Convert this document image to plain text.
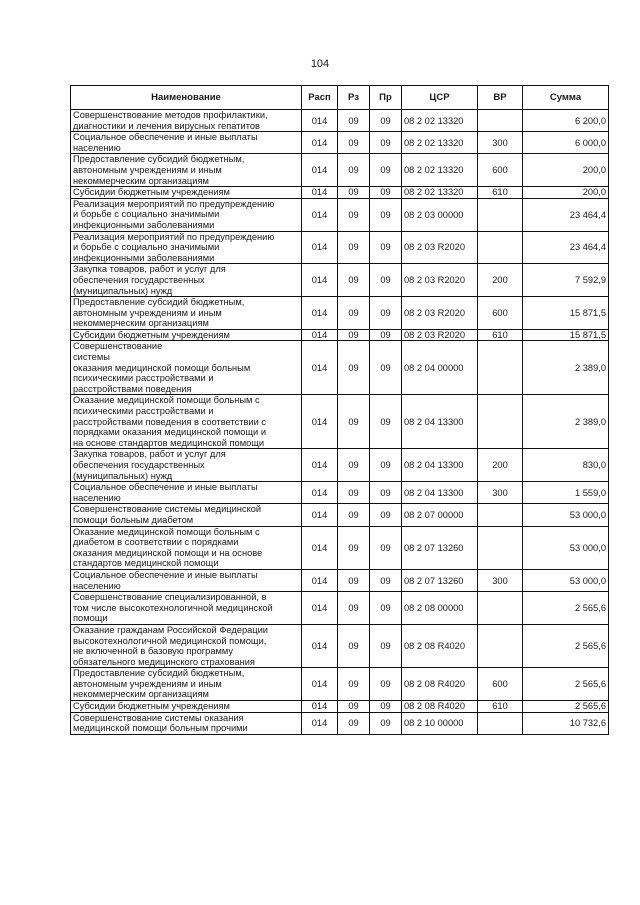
104
Наименование	Расп	Рз	Пр	ЦСР	ВР	Сумма
Совершенствование методов профилактики,
диагностики и лечения вирусных гепатитов	014	09	09	08 2 02 13320		6 200,0
Социальное обеспечение и иные выплаты
населению	014	09	09	08 2 02 13320	300	6 000,0
Предоставление субсидий бюджетным,
автономным учреждениям и иным
некоммерческим организациям	014	09	09	08 2 02 13320	600	200,0
Субсидии бюджетным учреждениям	014	09	09	08 2 02 13320	610	200,0
Реализация мероприятий по предупреждению
и борьбе с социально значимыми
инфекционными заболеваниями	014	09	09	08 2 03 00000		23 464,4
Реализация мероприятий по предупреждению
и борьбе с социально значимыми
инфекционными заболеваниями	014	09	09	08 2 03 R2020		23 464,4
Закупка товаров, работ и услуг для
обеспечения государственных
(муниципальных) нужд	014	09	09	08 2 03 R2020	200	7 592,9
Предоставление субсидий бюджетным,
автономным учреждениям и иным
некоммерческим организациям	014	09	09	08 2 03 R2020	600	15 871,5
Субсидии бюджетным учреждениям	014	09	09	08 2 03 R2020	610	15 871,5
Совершенствование
системы
оказания медицинской помощи больным
психическими расстройствами и
расстройствами поведения	014	09	09	08 2 04 00000		2 389,0
Оказание медицинской помощи больным с
психическими расстройствами и
расстройствами поведения в соответствии с
порядками оказания медицинской помощи и
на основе стандартов медицинской помощи	014	09	09	08 2 04 13300		2 389,0
Закупка товаров, работ и услуг для
обеспечения государственных
(муниципальных) нужд	014	09	09	08 2 04 13300	200	830,0
Социальное обеспечение и иные выплаты
населению	014	09	09	08 2 04 13300	300	1 559,0
Совершенствование системы медицинской
помощи больным диабетом	014	09	09	08 2 07 00000		53 000,0
Оказание медицинской помощи больным с
диабетом в соответствии с порядками
оказания медицинской помощи и на основе
стандартов медицинской помощи	014	09	09	08 2 07 13260		53 000,0
Социальное обеспечение и иные выплаты
населению	014	09	09	08 2 07 13260	300	53 000,0
Совершенствование специализированной, в
том числе высокотехнологичной медицинской
помощи	014	09	09	08 2 08 00000		2 565,6
Оказание гражданам Российской Федерации
высокотехнологичной медицинской помощи,
не включенной в базовую программу
обязательного медицинского страхования	014	09	09	08 2 08 R4020		2 565,6
Предоставление субсидий бюджетным,
автономным учреждениям и иным
некоммерческим организациям	014	09	09	08 2 08 R4020	600	2 565,6
Субсидии бюджетным учреждениям	014	09	09	08 2 08 R4020	610	2 565,6
Совершенствование системы оказания
медицинской помощи больным прочими	014	09	09	08 2 10 00000		10 732,6
